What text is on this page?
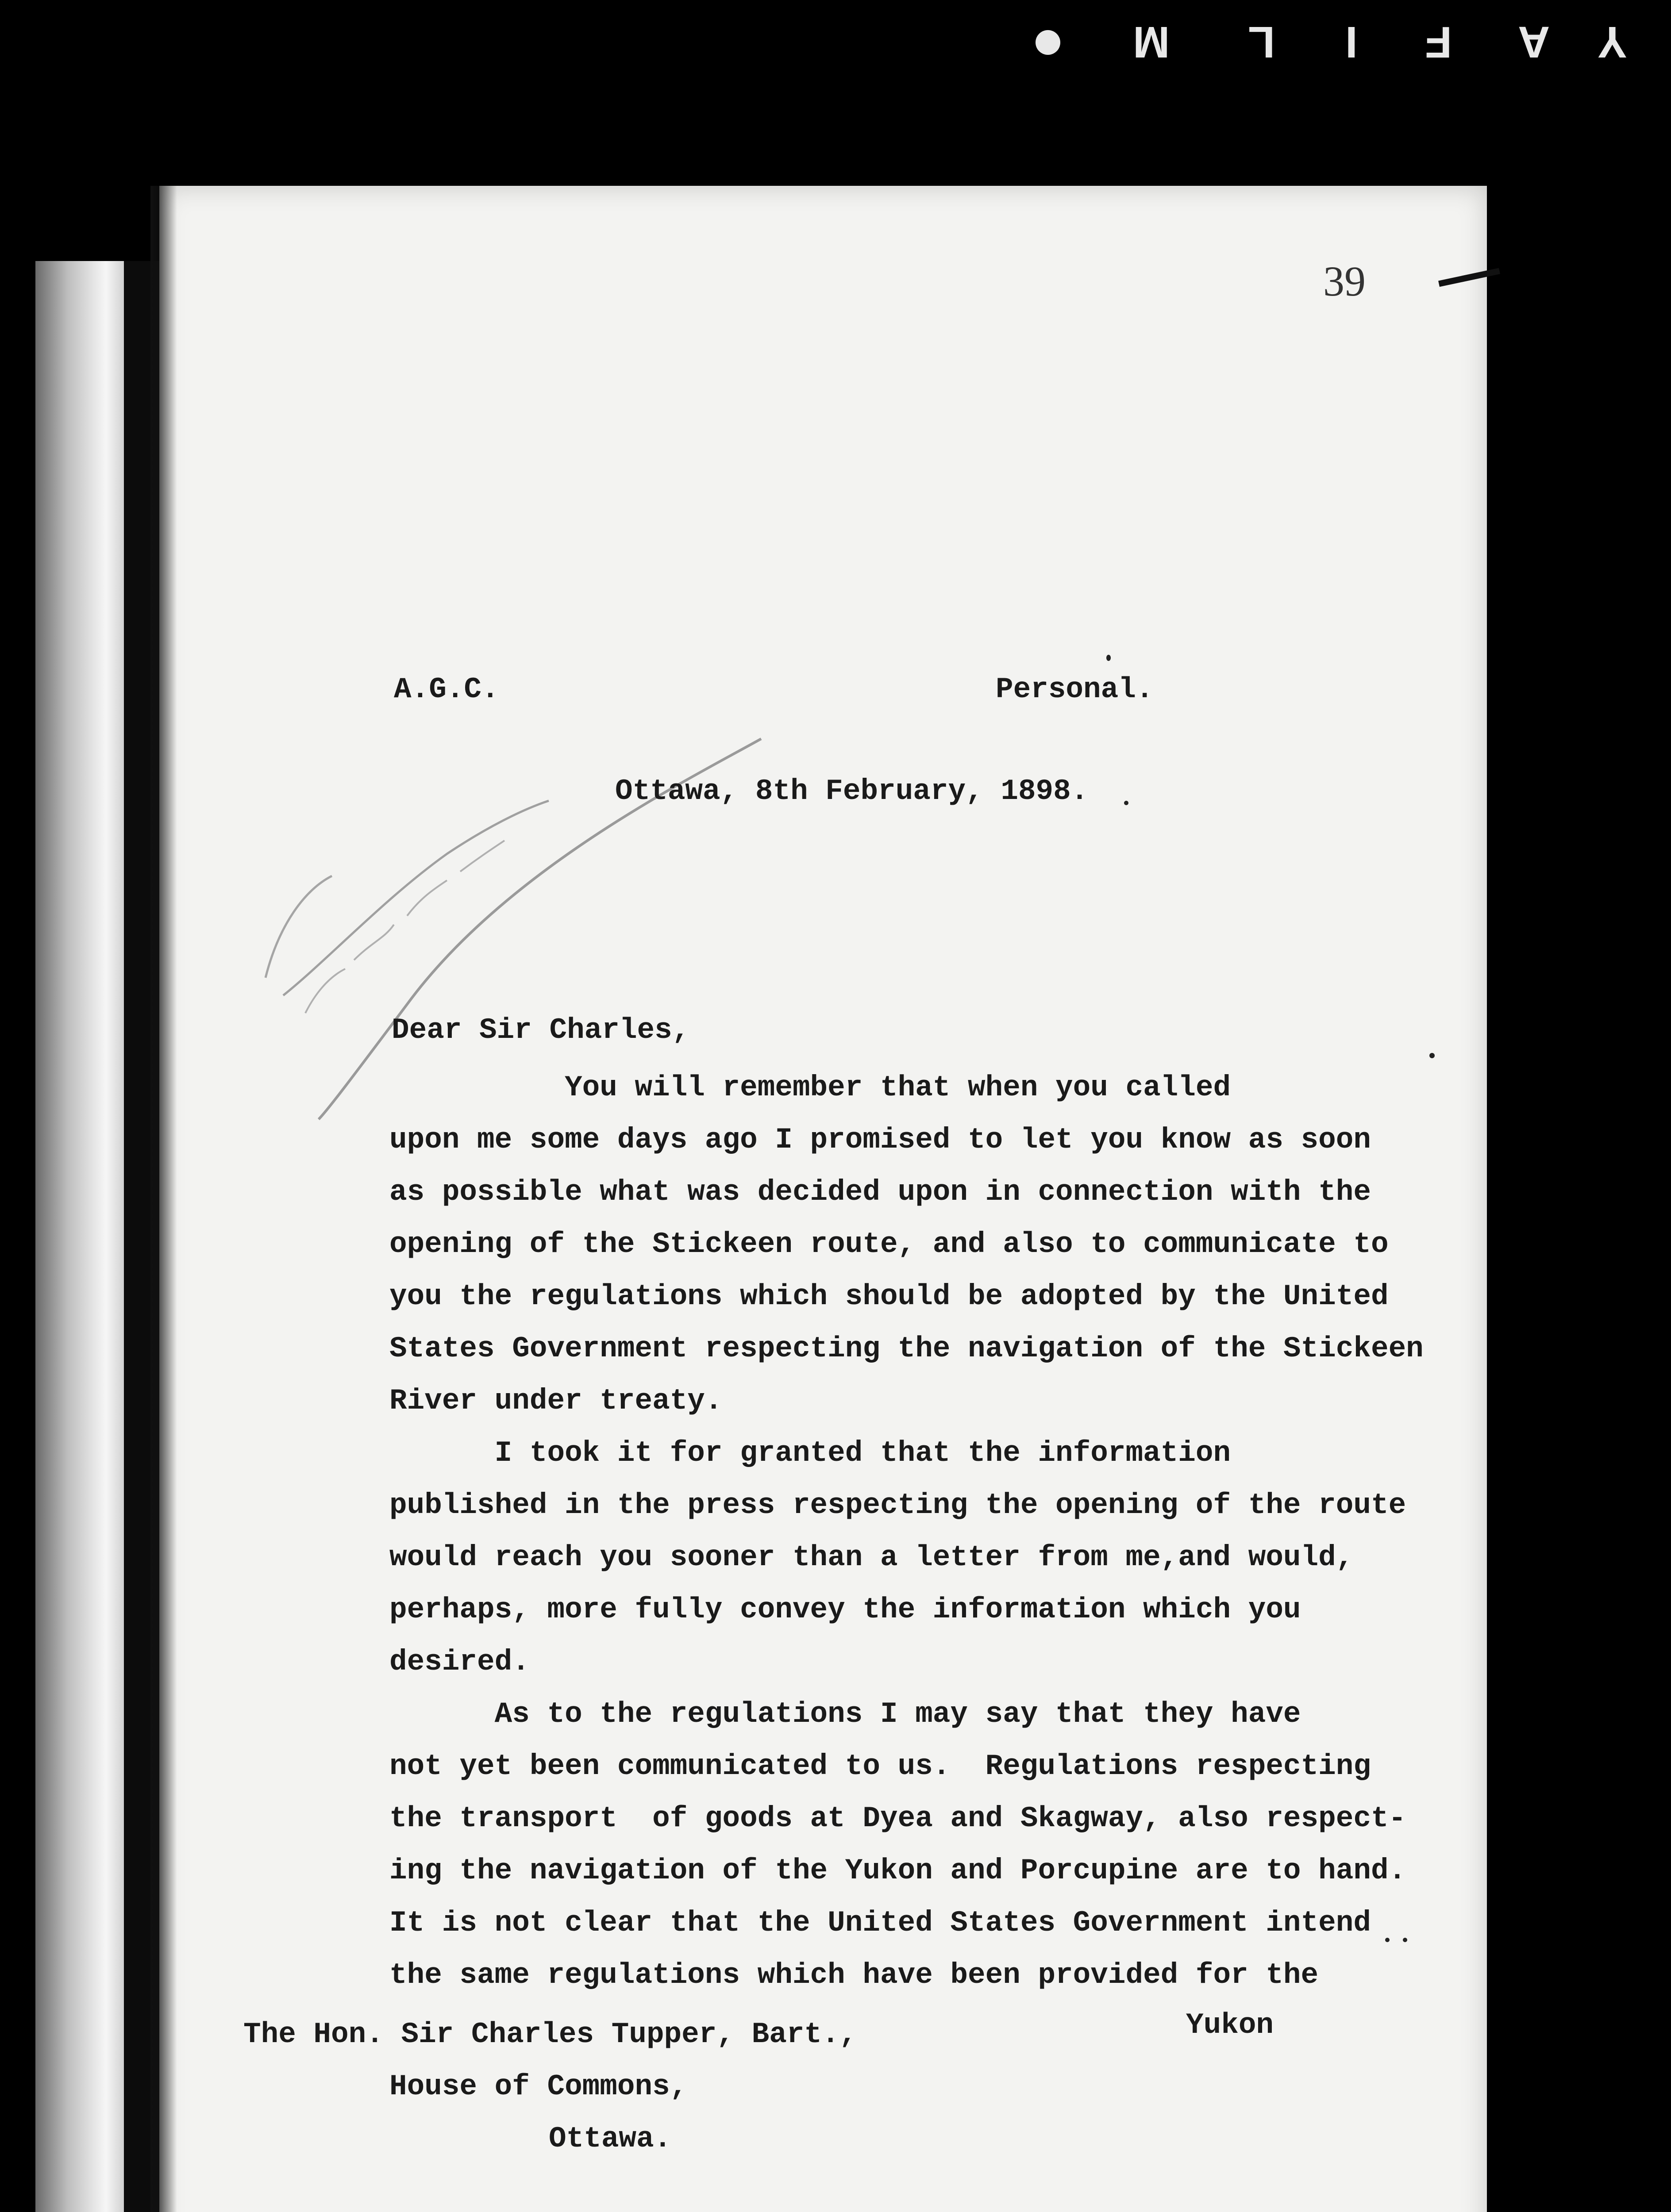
Y
A
F
I
L
M
39
A.G.C.	Personal.
Ottawa, 8th February, 1898.
Dear Sir Charles,
You will remember that when you called
upon me some days ago I promised to let you know as soon
as possible what was decided upon in connection with the
opening of the Stickeen route, and also to communicate to
you the regulations which should be adopted by the United
States Government respecting the navigation of the Stickeen
River under treaty.
I took it for granted that the information
published in the press respecting the opening of the route
would reach you sooner than a letter from me,and would,
perhaps, more fully convey the information which you
desired.
As to the regulations I may say that they have
not yet been communicated to us.  Regulations respecting
the transport  of goods at Dyea and Skagway, also respect-
ing the navigation of the Yukon and Porcupine are to hand.
It is not clear that the United States Government intend
the same regulations which have been provided for the
The Hon. Sir Charles Tupper, Bart.,
House of Commons,
Ottawa.
Yukon
